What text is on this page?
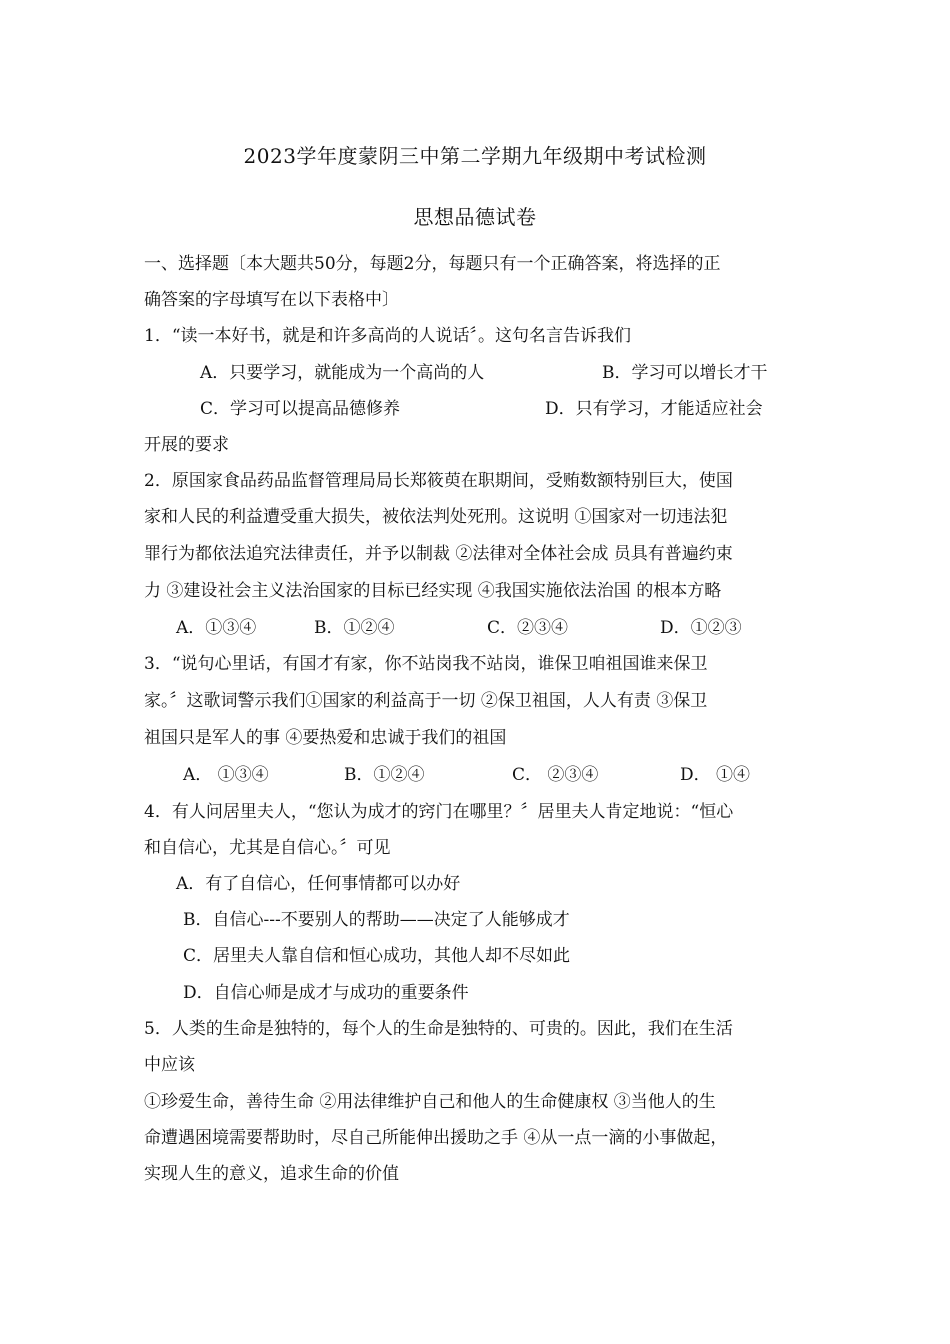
2023学年度蒙阴三中第二学期九年级期中考试检测
思想品德试卷
一、选择题〔本大题共50分，每题2分，每题只有一个正确答案，将选择的正
确答案的字母填写在以下表格中〕
1．“读一本好书，就是和许多高尚的人说话〞。这句名言告诉我们
A．只要学习，就能成为一个高尚的人	B．学习可以增长才干
C．学习可以提高品德修养	D．只有学习，才能适应社会
开展的要求
2．原国家食品药品监督管理局局长郑筱萸在职期间，受贿数额特别巨大，使国
家和人民的利益遭受重大损失，被依法判处死刑。这说明 ①国家对一切违法犯
罪行为都依法追究法律责任，并予以制裁 ②法律对全体社会成 员具有普遍约束
力 ③建设社会主义法治国家的目标已经实现 ④我国实施依法治国 的根本方略
A．①③④	B．①②④	C．②③④	D．①②③
3．“说句心里话，有国才有家，你不站岗我不站岗，谁保卫咱祖国谁来保卫
家。〞这歌词警示我们①国家的利益高于一切 ②保卫祖国，人人有责 ③保卫
祖国只是军人的事 ④要热爱和忠诚于我们的祖国
A． ①③④	B．①②④	C． ②③④	D． ①④
4．有人问居里夫人，“您认为成才的窍门在哪里？〞居里夫人肯定地说：“恒心
和自信心，尤其是自信心。〞可见
A．有了自信心，任何事情都可以办好
B．自信心---不要别人的帮助——决定了人能够成才
C．居里夫人靠自信和恒心成功，其他人却不尽如此
D．自信心师是成才与成功的重要条件
5．人类的生命是独特的，每个人的生命是独特的、可贵的。因此，我们在生活
中应该
①珍爱生命，善待生命 ②用法律维护自己和他人的生命健康权 ③当他人的生
命遭遇困境需要帮助时，尽自己所能伸出援助之手 ④从一点一滴的小事做起，
实现人生的意义，追求生命的价值
